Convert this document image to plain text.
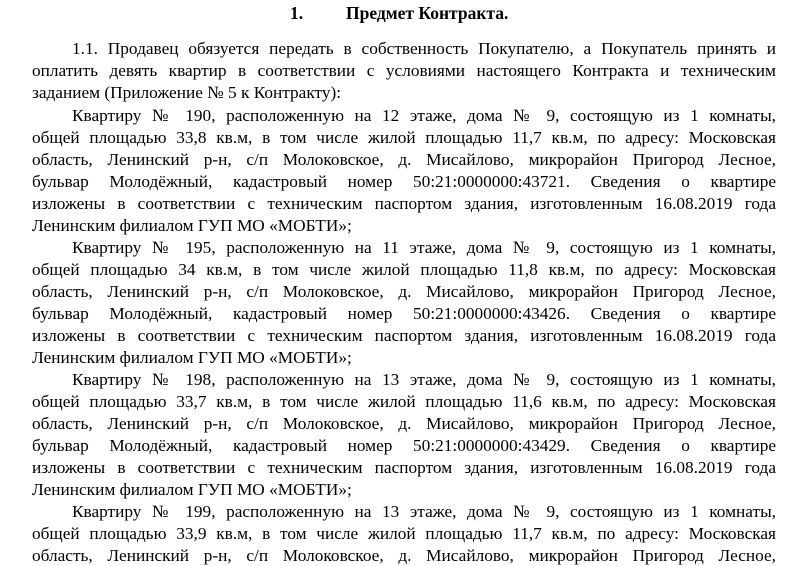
1. Предмет Контракта.
1.1. Продавец обязуется передать в собственность Покупателю, а Покупатель принять и
оплатить девять квартир в соответствии с условиями настоящего Контракта и техническим
заданием (Приложение № 5 к Контракту):
Квартиру № 190, расположенную на 12 этаже, дома № 9, состоящую из 1 комнаты,
общей площадью 33,8 кв.м, в том числе жилой площадью 11,7 кв.м, по адресу: Московская
область, Ленинский р-н, с/п Молоковское, д. Мисайлово, микрорайон Пригород Лесное,
бульвар Молодёжный, кадастровый номер 50:21:0000000:43721. Сведения о квартире
изложены в соответствии с техническим паспортом здания, изготовленным 16.08.2019 года
Ленинским филиалом ГУП МО «МОБТИ»;
Квартиру № 195, расположенную на 11 этаже, дома № 9, состоящую из 1 комнаты,
общей площадью 34 кв.м, в том числе жилой площадью 11,8 кв.м, по адресу: Московская
область, Ленинский р-н, с/п Молоковское, д. Мисайлово, микрорайон Пригород Лесное,
бульвар Молодёжный, кадастровый номер 50:21:0000000:43426. Сведения о квартире
изложены в соответствии с техническим паспортом здания, изготовленным 16.08.2019 года
Ленинским филиалом ГУП МО «МОБТИ»;
Квартиру № 198, расположенную на 13 этаже, дома № 9, состоящую из 1 комнаты,
общей площадью 33,7 кв.м, в том числе жилой площадью 11,6 кв.м, по адресу: Московская
область, Ленинский р-н, с/п Молоковское, д. Мисайлово, микрорайон Пригород Лесное,
бульвар Молодёжный, кадастровый номер 50:21:0000000:43429. Сведения о квартире
изложены в соответствии с техническим паспортом здания, изготовленным 16.08.2019 года
Ленинским филиалом ГУП МО «МОБТИ»;
Квартиру № 199, расположенную на 13 этаже, дома № 9, состоящую из 1 комнаты,
общей площадью 33,9 кв.м, в том числе жилой площадью 11,7 кв.м, по адресу: Московская
область, Ленинский р-н, с/п Молоковское, д. Мисайлово, микрорайон Пригород Лесное,
